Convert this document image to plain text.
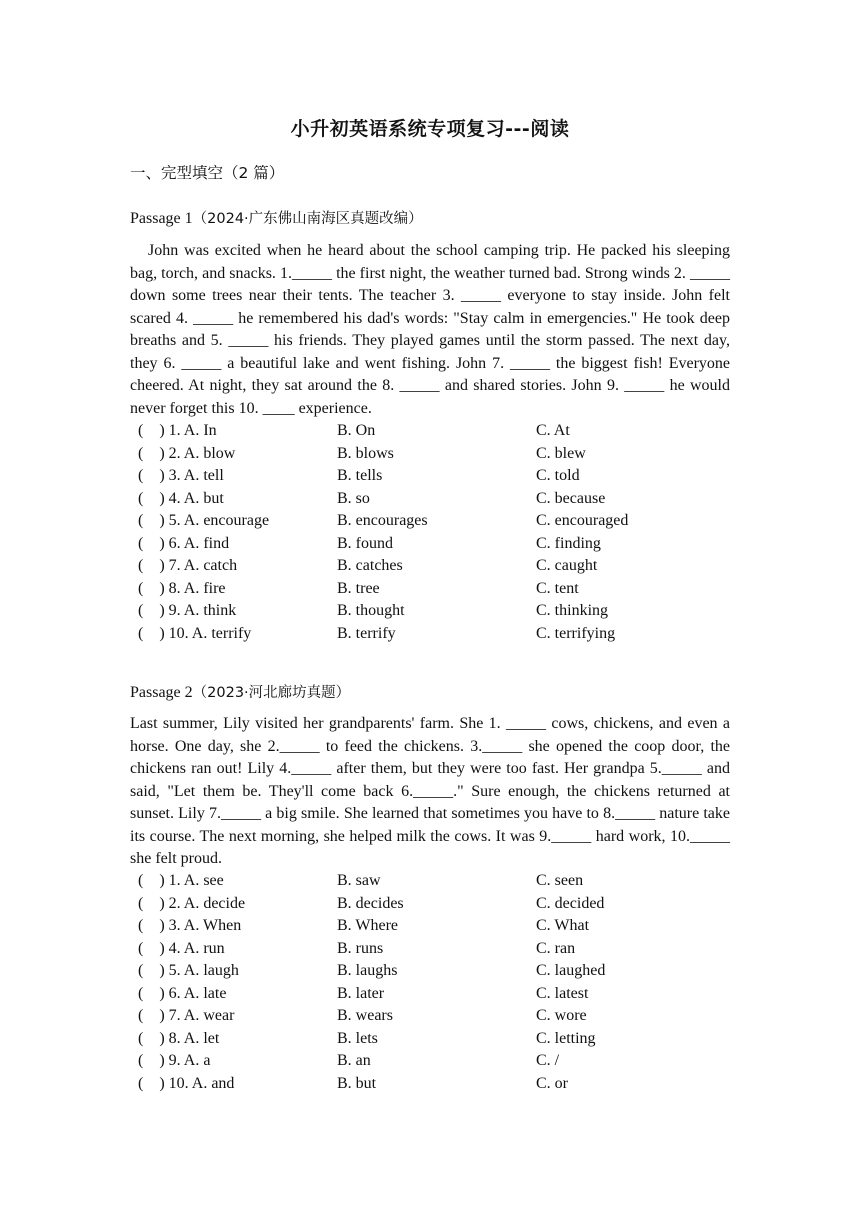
小升初英语系统专项复习---阅读
一、完型填空（2 篇）
Passage 1（2024·广东佛山南海区真题改编）

John was excited when he heard about the school camping trip. He packed his sleeping bag, torch, and snacks. 1._____ the first night, the weather turned bad. Strong winds 2. _____ down some trees near their tents. The teacher 3. _____ everyone to stay inside. John felt scared 4. _____ he remembered his dad's words: "Stay calm in emergencies." He took deep breaths and 5. _____ his friends. They played games until the storm passed. The next day, they 6. _____ a beautiful lake and went fishing. John 7. _____ the biggest fish! Everyone cheered. At night, they sat around the 8. _____ and shared stories. John 9. _____ he would never forget this 10. ____ experience.

(    ) 1. A. In	B. On	C. At
(    ) 2. A. blow	B. blows	C. blew
(    ) 3. A. tell	B. tells	C. told
(    ) 4. A. but	B. so	C. because
(    ) 5. A. encourage	B. encourages	C. encouraged
(    ) 6. A. find	B. found	C. finding
(    ) 7. A. catch	B. catches	C. caught
(    ) 8. A. fire	B. tree	C. tent
(    ) 9. A. think	B. thought	C. thinking
(    ) 10. A. terrify	B. terrify	C. terrifying
Passage 2（2023·河北廊坊真题）

Last summer, Lily visited her grandparents' farm. She 1. _____ cows, chickens, and even a horse. One day, she 2._____ to feed the chickens. 3._____ she opened the coop door, the chickens ran out! Lily 4._____ after them, but they were too fast. Her grandpa 5._____ and said, "Let them be. They'll come back 6._____." Sure enough, the chickens returned at sunset. Lily 7._____ a big smile. She learned that sometimes you have to 8._____ nature take its course. The next morning, she helped milk the cows. It was 9._____ hard work, 10._____ she felt proud.

(    ) 1. A. see	B. saw	C. seen
(    ) 2. A. decide	B. decides	C. decided
(    ) 3. A. When	B. Where	C. What
(    ) 4. A. run	B. runs	C. ran
(    ) 5. A. laugh	B. laughs	C. laughed
(    ) 6. A. late	B. later	C. latest
(    ) 7. A. wear	B. wears	C. wore
(    ) 8. A. let	B. lets	C. letting
(    ) 9. A. a	B. an	C. /
(    ) 10. A. and	B. but	C. or
